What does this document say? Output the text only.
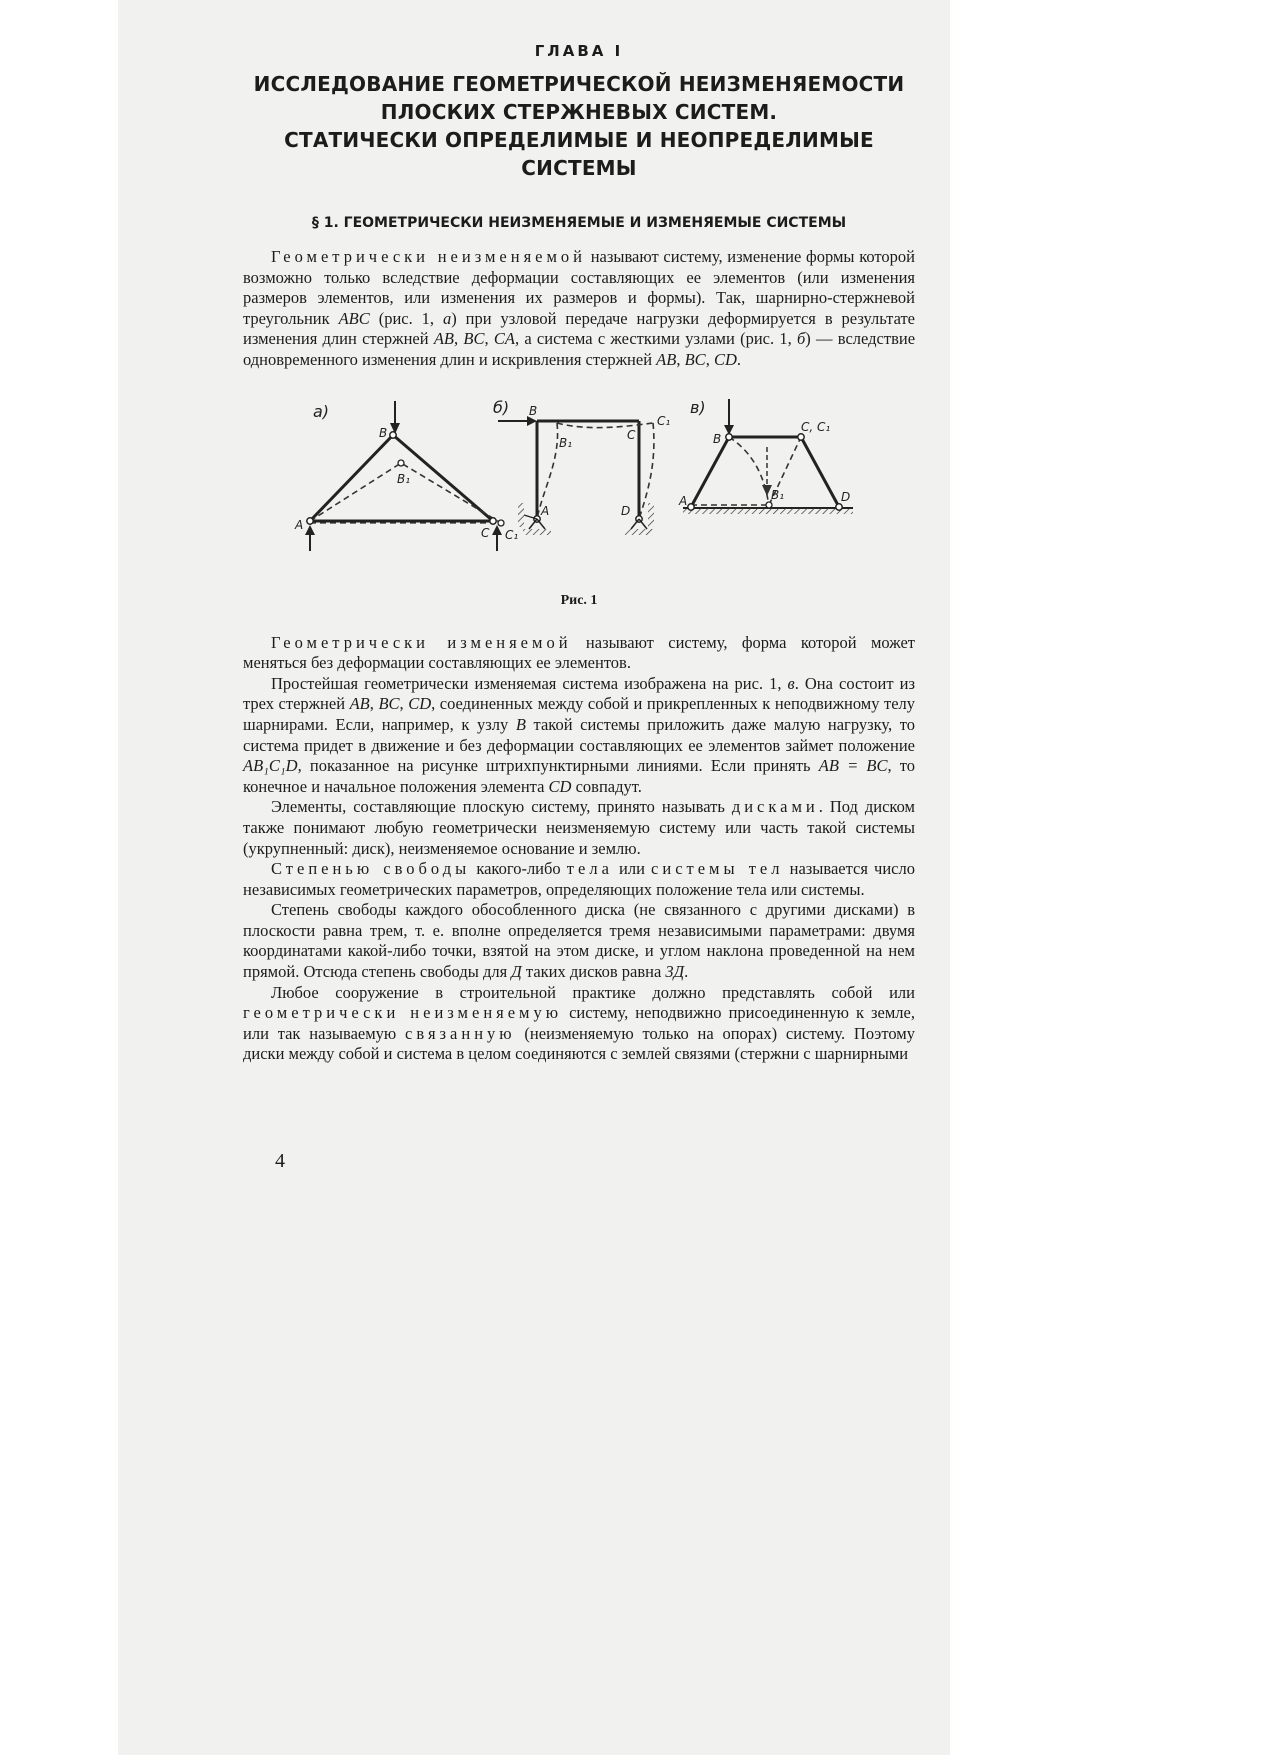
ГЛАВА I
ИССЛЕДОВАНИЕ ГЕОМЕТРИЧЕСКОЙ НЕИЗМЕНЯЕМОСТИ
ПЛОСКИХ СТЕРЖНЕВЫХ СИСТЕМ.
СТАТИЧЕСКИ ОПРЕДЕЛИМЫЕ И НЕОПРЕДЕЛИМЫЕ СИСТЕМЫ
§ 1. ГЕОМЕТРИЧЕСКИ НЕИЗМЕНЯЕМЫЕ И ИЗМЕНЯЕМЫЕ СИСТЕМЫ

Геометрически неизменяемой называют систему, изменение формы которой возможно только вследствие деформации составляющих ее элементов (или изменения размеров элементов, или изменения их размеров и формы). Так, шарнирно-стержневой треугольник ABC (рис. 1, а) при узловой передаче нагрузки деформируется в результате изменения длин стержней AB, BC, CA, а система с жесткими узлами (рис. 1, б) — вследствие одновременного изменения длин и искривления стержней AB, BC, CD.

а)	б)	в)
B
B₁
A
C C₁
B
B₁
C
C₁
A	D
B
C, C₁
A	B₁	D
Рис. 1

Геометрически изменяемой называют систему, форма которой может меняться без деформации составляющих ее элементов.

Простейшая геометрически изменяемая система изображена на рис. 1, в. Она состоит из трех стержней AB, BC, CD, соединенных между собой и прикрепленных к неподвижному телу шарнирами. Если, например, к узлу B такой системы приложить даже малую нагрузку, то система придет в движение и без деформации составляющих ее элементов займет положение AB₁C₁D, показанное на рисунке штрихпунктирными линиями. Если принять AB = BC, то конечное и начальное положения элемента CD совпадут.

Элементы, составляющие плоскую систему, принято называть дисками. Под диском также понимают любую геометрически неизменяемую систему или часть такой системы (укрупненный: диск), неизменяемое основание и землю.

Степенью свободы какого-либо тела или системы тел называется число независимых геометрических параметров, определяющих положение тела или системы.

Степень свободы каждого обособленного диска (не связанного с другими дисками) в плоскости равна трем, т. е. вполне определяется тремя независимыми параметрами: двумя координатами какой-либо точки, взятой на этом диске, и углом наклона проведенной на нем прямой. Отсюда степень свободы для Д таких дисков равна 3Д.

Любое сооружение в строительной практике должно представлять собой или геометрически неизменяемую систему, неподвижно присоединенную к земле, или так называемую связанную (неизменяемую только на опорах) систему. Поэтому диски между собой и система в целом соединяются с землей связями (стержни с шарнирными

4
